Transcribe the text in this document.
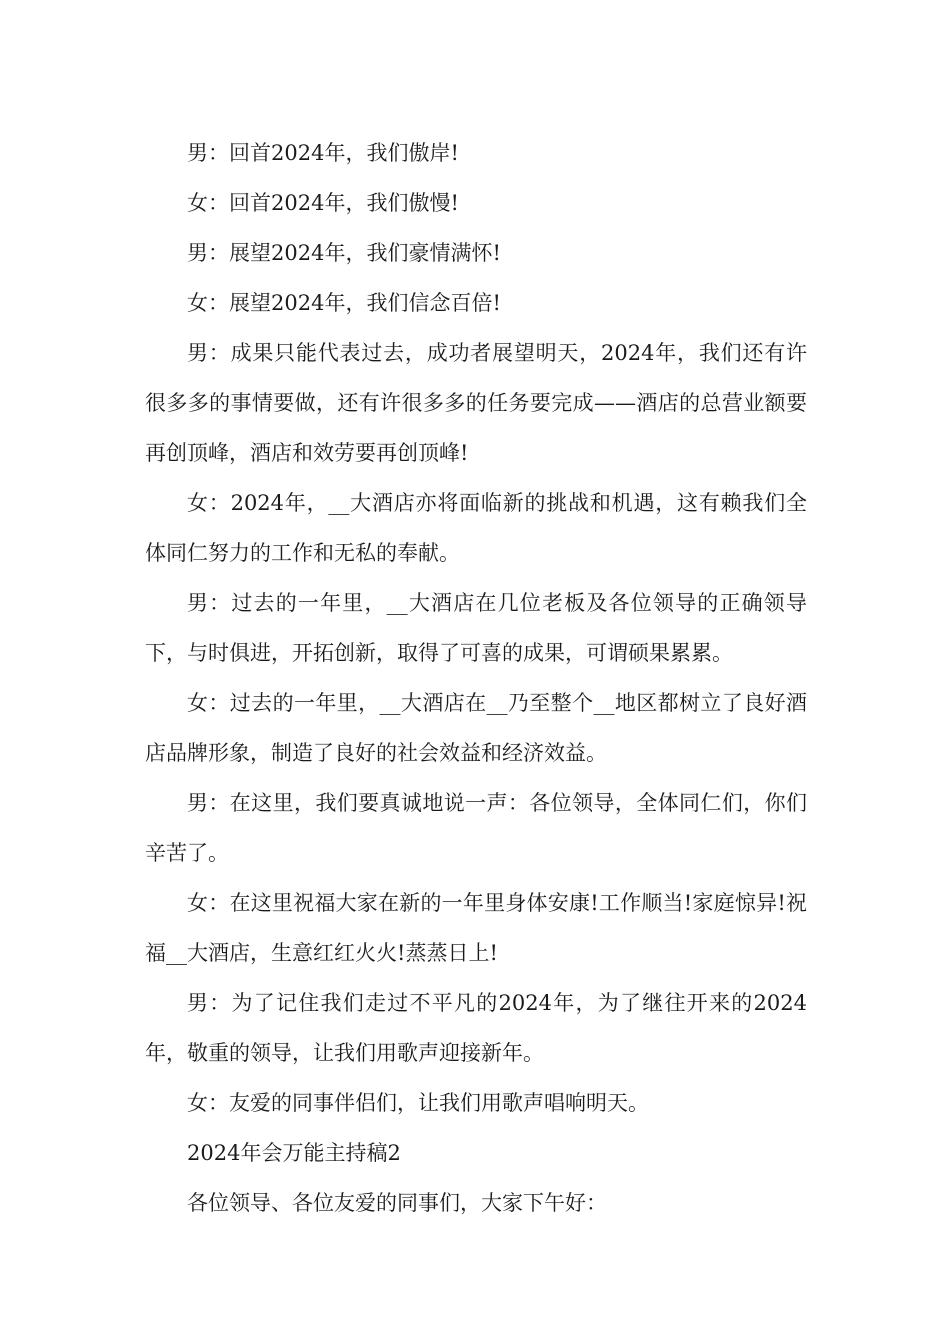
男：回首2024年，我们傲岸!

女：回首2024年，我们傲慢!

男：展望2024年，我们豪情满怀!

女：展望2024年，我们信念百倍!

男：成果只能代表过去，成功者展望明天，2024年，我们还有许很多多的事情要做，还有许很多多的任务要完成——酒店的总营业额要再创顶峰，酒店和效劳要再创顶峰!

女：2024年，__大酒店亦将面临新的挑战和机遇，这有赖我们全体同仁努力的工作和无私的奉献。

男：过去的一年里，__大酒店在几位老板及各位领导的正确领导下，与时俱进，开拓创新，取得了可喜的成果，可谓硕果累累。

女：过去的一年里，__大酒店在__乃至整个__地区都树立了良好酒店品牌形象，制造了良好的社会效益和经济效益。

男：在这里，我们要真诚地说一声：各位领导，全体同仁们，你们辛苦了。

女：在这里祝福大家在新的一年里身体安康!工作顺当!家庭惊异!祝福__大酒店，生意红红火火!蒸蒸日上!

男：为了记住我们走过不平凡的2024年，为了继往开来的2024年，敬重的领导，让我们用歌声迎接新年。

女：友爱的同事伴侣们，让我们用歌声唱响明天。

2024年会万能主持稿2

各位领导、各位友爱的同事们，大家下午好：
